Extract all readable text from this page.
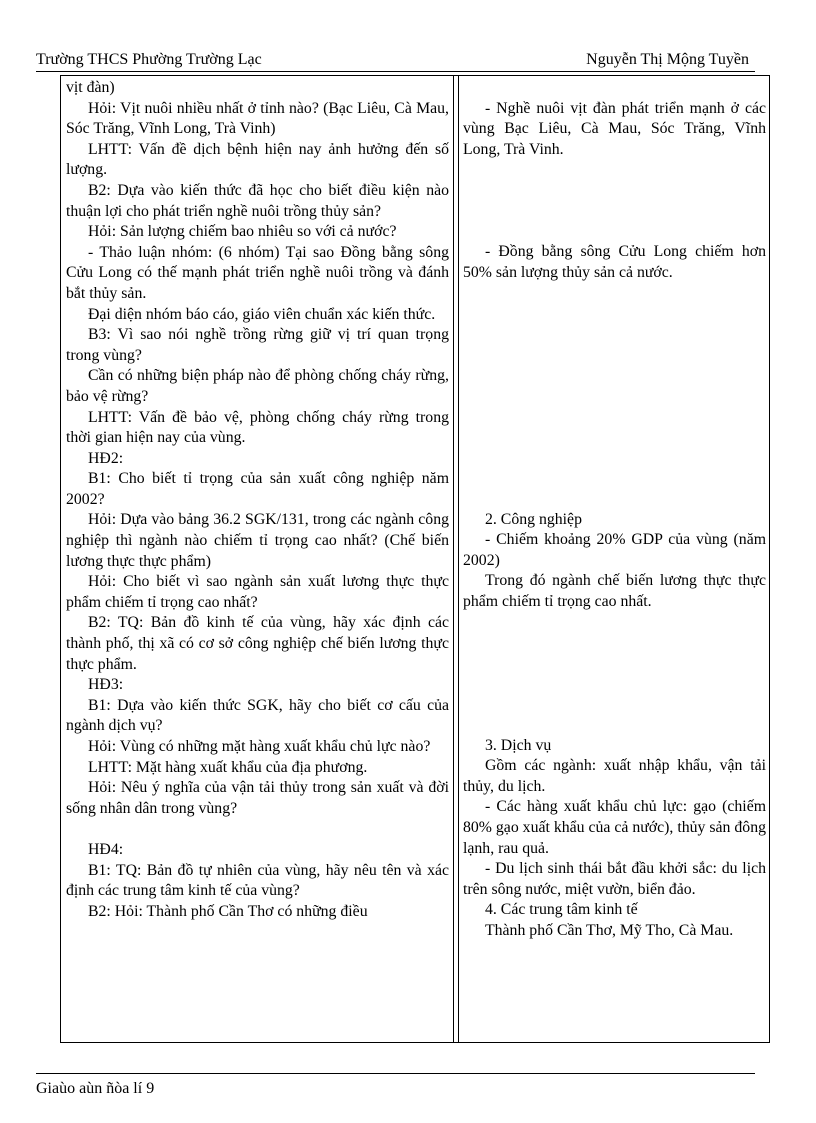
Trường THCS Phường Trường Lạc	Nguyễn Thị Mộng Tuyền

vịt đàn)

Hỏi: Vịt nuôi nhiều nhất ở tỉnh nào? (Bạc Liêu, Cà Mau, Sóc Trăng, Vĩnh Long, Trà Vinh)

LHTT: Vấn đề dịch bệnh hiện nay ảnh hưởng đến số lượng.

B2: Dựa vào kiến thức đã học cho biết điều kiện nào thuận lợi cho phát triển nghề nuôi trồng thủy sản?

Hỏi: Sản lượng chiếm bao nhiêu so với cả nước?

- Thảo luận nhóm: (6 nhóm) Tại sao Đồng bằng sông Cửu Long có thế mạnh phát triển nghề nuôi trồng và đánh bắt thủy sản.

Đại diện nhóm báo cáo, giáo viên chuẩn xác kiến thức.

B3: Vì sao nói nghề trồng rừng giữ vị trí quan trọng trong vùng?

Cần có những biện pháp nào để phòng chống cháy rừng, bảo vệ rừng?

LHTT: Vấn đề bảo vệ, phòng chống cháy rừng trong thời gian hiện nay của vùng.

HĐ2:

B1: Cho biết tỉ trọng của sản xuất công nghiệp năm 2002?

Hỏi: Dựa vào bảng 36.2 SGK/131, trong các ngành công nghiệp thì ngành nào chiếm tỉ trọng cao nhất? (Chế biến lương thực thực phẩm)

Hỏi: Cho biết vì sao ngành sản xuất lương thực thực phẩm chiếm tỉ trọng cao nhất?

B2: TQ: Bản đồ kinh tế của vùng, hãy xác định các thành phố, thị xã có cơ sở công nghiệp chế biến lương thực thực phẩm.

HĐ3:

B1: Dựa vào kiến thức SGK, hãy cho biết cơ cấu của ngành dịch vụ?

Hỏi: Vùng có những mặt hàng xuất khẩu chủ lực nào?

LHTT: Mặt hàng xuất khẩu của địa phương.

Hỏi: Nêu ý nghĩa của vận tải thủy trong sản xuất và đời sống nhân dân trong vùng?

HĐ4:

B1: TQ: Bản đồ tự nhiên của vùng, hãy nêu tên và xác định các trung tâm kinh tế của vùng?

B2: Hỏi: Thành phố Cần Thơ có những điều

- Nghề nuôi vịt đàn phát triển mạnh ở các vùng Bạc Liêu, Cà Mau, Sóc Trăng, Vĩnh Long, Trà Vinh.

- Đồng bằng sông Cửu Long chiếm hơn 50% sản lượng thủy sản cả nước.

2. Công nghiệp

- Chiếm khoảng 20% GDP của vùng (năm 2002)

Trong đó ngành chế biến lương thực thực phẩm chiếm tỉ trọng cao nhất.

3. Dịch vụ

Gồm các ngành: xuất nhập khẩu, vận tải thủy, du lịch.

- Các hàng xuất khẩu chủ lực: gạo (chiếm 80% gạo xuất khẩu của cả nước), thủy sản đông lạnh, rau quả.

- Du lịch sinh thái bắt đầu khởi sắc: du lịch trên sông nước, miệt vườn, biển đảo.

4. Các trung tâm kinh tế

Thành phố Cần Thơ, Mỹ Tho, Cà Mau.

Giaùo aùn ñòa lí 9
